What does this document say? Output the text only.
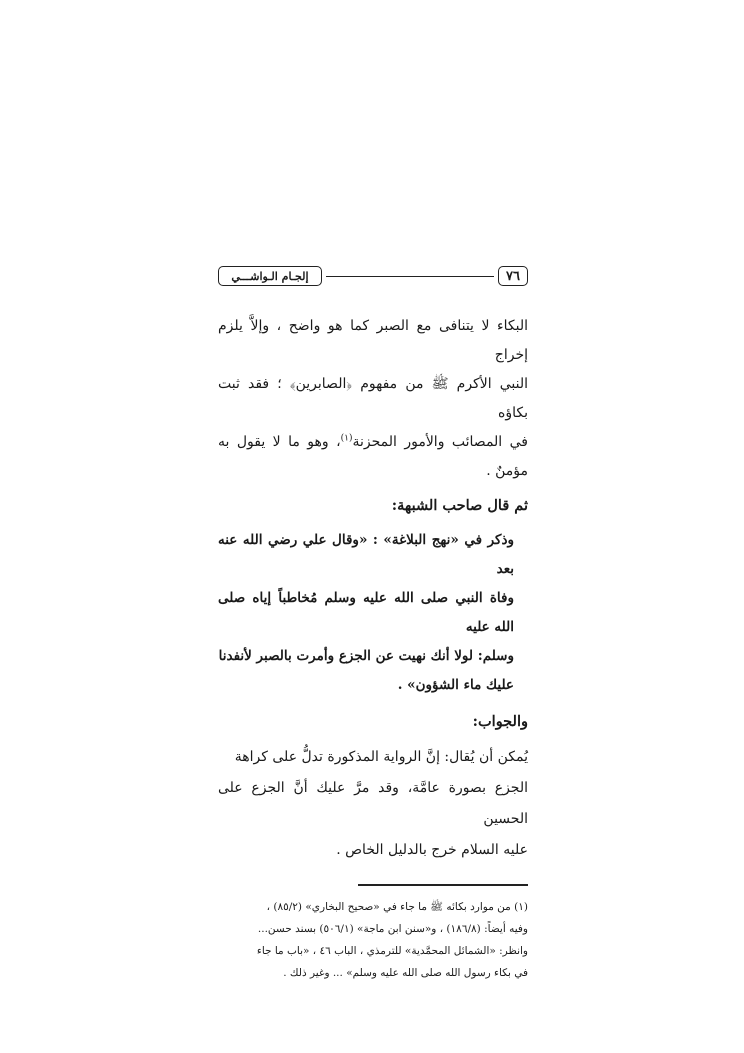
٧٦
إلجـام الـواشـــي
البكاء لا يتنافى مع الصبر كما هو واضح ، وإلاَّ يلزم إخراج
النبي الأكرم ﷺ من مفهوم ﴿الصابرين﴾ ؛ فقد ثبت بكاؤه
في المصائب والأمور المحزنة$^{(١)}$، وهو ما لا يقول به مؤمنٌ .
ثم قال صاحب الشبهة:
وذكر في «نهج البلاغة» : «وقال علي رضي الله عنه بعد
وفاة النبي صلى الله عليه وسلم مُخاطباً إياه صلى الله عليه
وسلم: لولا أنك نهيت عن الجزع وأمرت بالصبر لأنفدنا
عليك ماء الشؤون» .
والجواب:
يُمكن أن يُقال: إنَّ الرواية المذكورة تدلُّ على كراهة
الجزع بصورة عامَّة، وقد مرَّ عليك أنَّ الجزع على الحسين
عليه السلام خرج بالدليل الخاص .
(١) من موارد بكائه ﷺ ما جاء في «صحيح البخاري» (٨٥/٢) ،
وفيه أيضاً: (١٨٦/٨) ، و«سنن ابن ماجة» (٥٠٦/١) بسند حسن...
وانظر: «الشمائل المحمَّدية» للترمذي ، الباب ٤٦ ، «باب ما جاء
في بكاء رسول الله صلى الله عليه وسلم» ... وغير ذلك .
